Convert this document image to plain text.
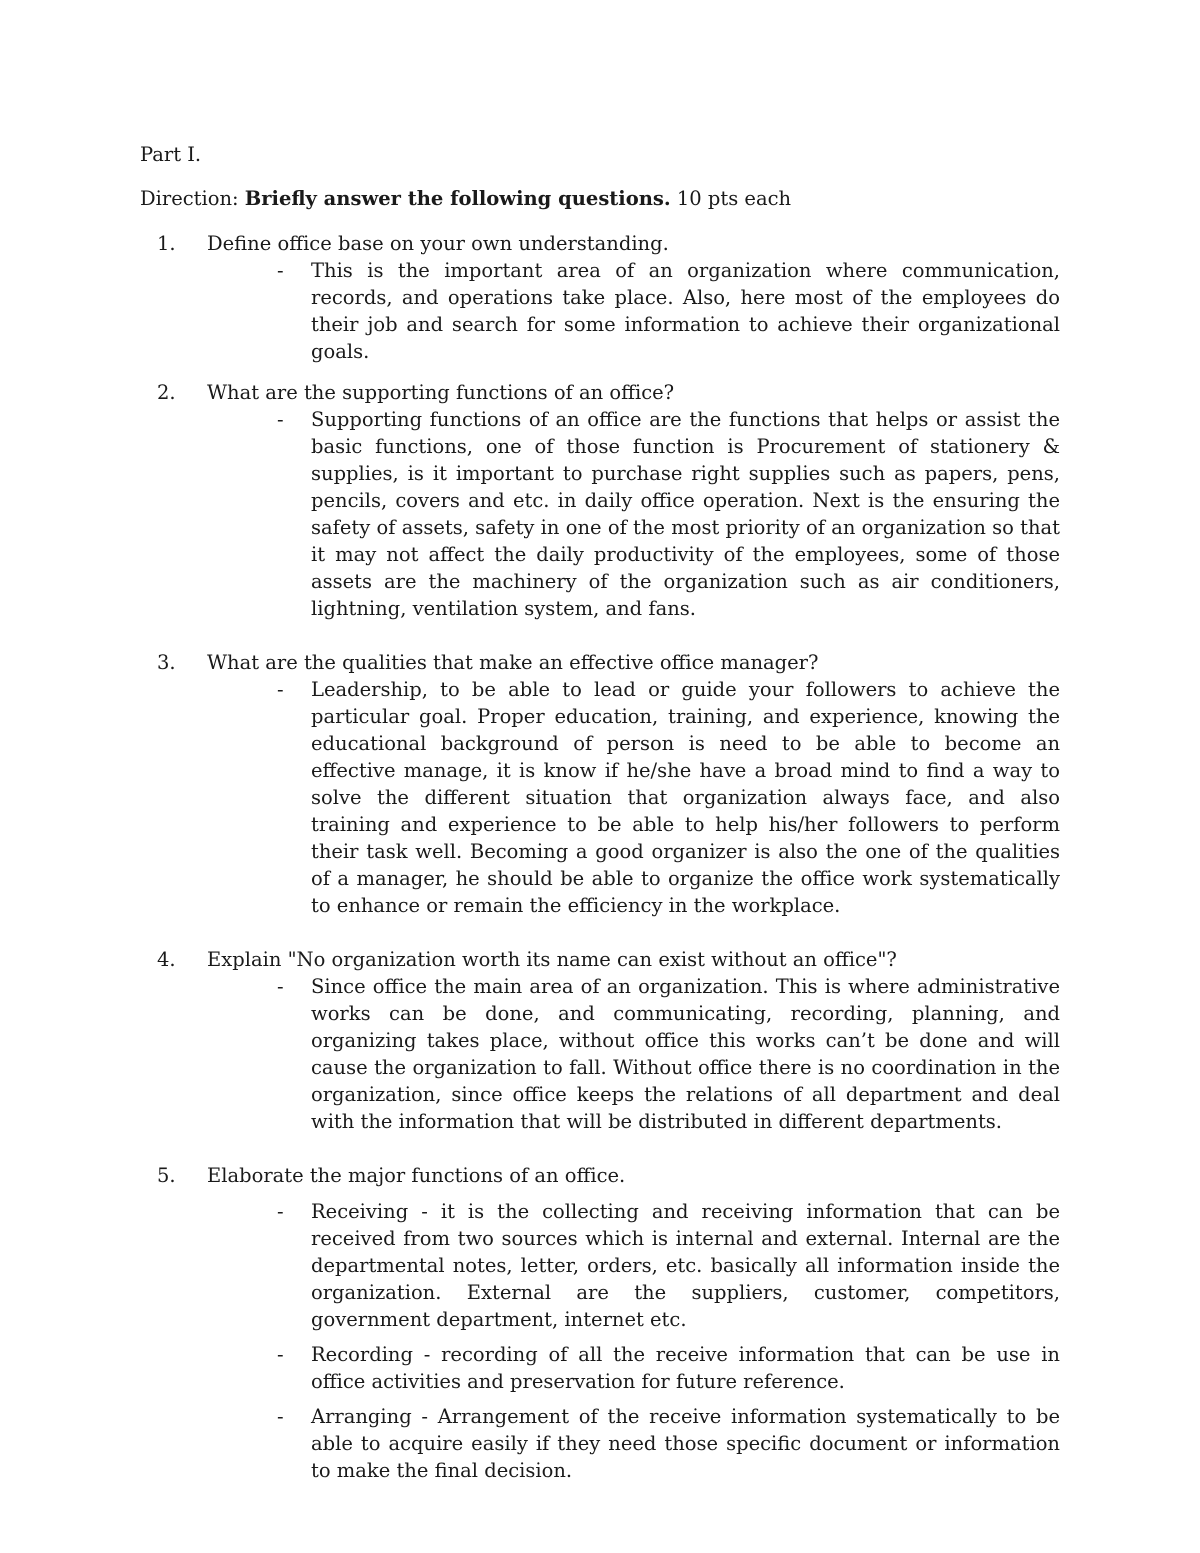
Part I.

Direction: Briefly answer the following questions. 10 pts each

1. Define office base on your own understanding.

- This is the important area of an organization where communication, records, and operations take place. Also, here most of the employees do their job and search for some information to achieve their organizational goals.

2. What are the supporting functions of an office?

- Supporting functions of an office are the functions that helps or assist the basic functions, one of those function is Procurement of stationery & supplies, is it important to purchase right supplies such as papers, pens, pencils, covers and etc. in daily office operation. Next is the ensuring the safety of assets, safety in one of the most priority of an organization so that it may not affect the daily productivity of the employees, some of those assets are the machinery of the organization such as air conditioners, lightning, ventilation system, and fans.

3. What are the qualities that make an effective office manager?

- Leadership, to be able to lead or guide your followers to achieve the particular goal. Proper education, training, and experience, knowing the educational background of person is need to be able to become an effective manage, it is know if he/she have a broad mind to find a way to solve the different situation that organization always face, and also training and experience to be able to help his/her followers to perform their task well. Becoming a good organizer is also the one of the qualities of a manager, he should be able to organize the office work systematically to enhance or remain the efficiency in the workplace.

4. Explain "No organization worth its name can exist without an office"?

- Since office the main area of an organization. This is where administrative works can be done, and communicating, recording, planning, and organizing takes place, without office this works can’t be done and will cause the organization to fall. Without office there is no coordination in the organization, since office keeps the relations of all department and deal with the information that will be distributed in different departments.

5. Elaborate the major functions of an office.

- Receiving - it is the collecting and receiving information that can be received from two sources which is internal and external. Internal are the departmental notes, letter, orders, etc. basically all information inside the organization. External are the suppliers, customer, competitors, government department, internet etc.

- Recording - recording of all the receive information that can be use in office activities and preservation for future reference.

- Arranging - Arrangement of the receive information systematically to be able to acquire easily if they need those specific document or information to make the final decision.
